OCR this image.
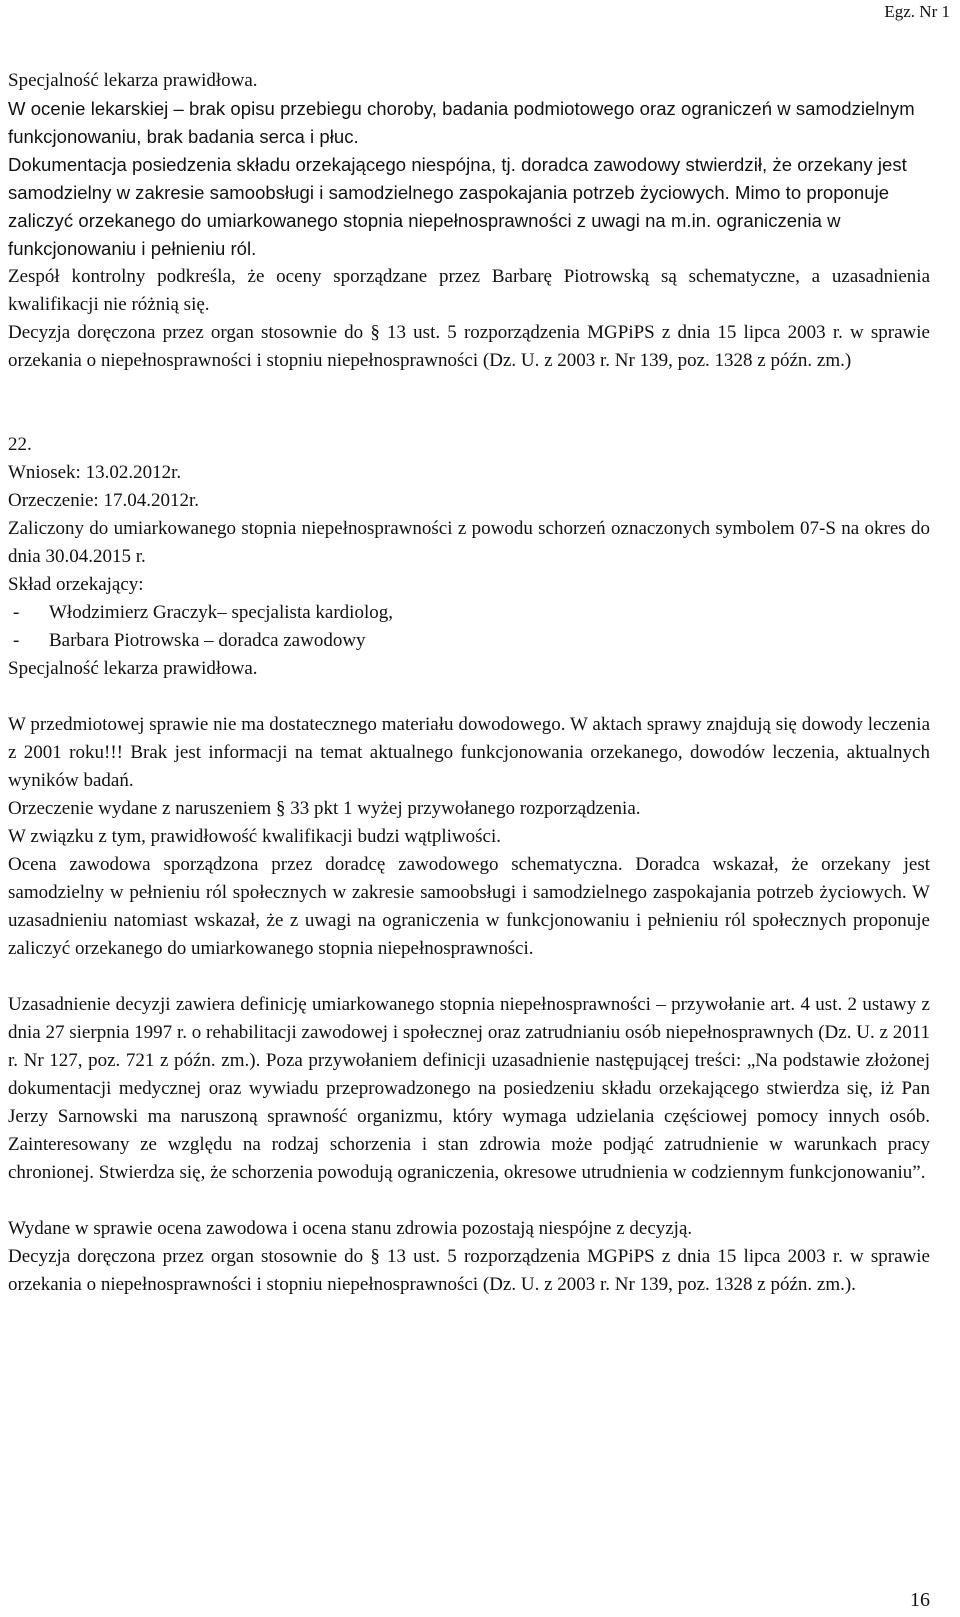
Egz. Nr 1

Specjalność lekarza prawidłowa.

W ocenie lekarskiej – brak opisu przebiegu choroby, badania podmiotowego oraz ograniczeń w samodzielnym funkcjonowaniu, brak badania serca i płuc.

Dokumentacja posiedzenia składu orzekającego niespójna, tj. doradca zawodowy stwierdził, że orzekany jest samodzielny w zakresie samoobsługi i samodzielnego zaspokajania potrzeb życiowych. Mimo to proponuje zaliczyć orzekanego do umiarkowanego stopnia niepełnosprawności z uwagi na m.in. ograniczenia w funkcjonowaniu i pełnieniu ról.

Zespół kontrolny podkreśla, że oceny sporządzane przez Barbarę Piotrowską są schematyczne, a uzasadnienia kwalifikacji nie różnią się.

Decyzja doręczona przez organ stosownie do § 13 ust. 5 rozporządzenia MGPiPS z dnia 15 lipca 2003 r. w sprawie orzekania o niepełnosprawności i stopniu niepełnosprawności (Dz. U. z 2003 r. Nr 139, poz. 1328 z późn. zm.)

22.

Wniosek: 13.02.2012r.

Orzeczenie: 17.04.2012r.

Zaliczony do umiarkowanego stopnia niepełnosprawności z powodu schorzeń oznaczonych symbolem 07-S na okres do dnia 30.04.2015 r.

Skład orzekający:

- Włodzimierz Graczyk– specjalista kardiolog,

- Barbara Piotrowska – doradca zawodowy

Specjalność lekarza prawidłowa.

W przedmiotowej sprawie nie ma dostatecznego materiału dowodowego. W aktach sprawy znajdują się dowody leczenia z 2001 roku!!! Brak jest informacji na temat aktualnego funkcjonowania orzekanego, dowodów leczenia, aktualnych wyników badań.

Orzeczenie wydane z naruszeniem § 33 pkt 1 wyżej przywołanego rozporządzenia.

W związku z tym, prawidłowość kwalifikacji budzi wątpliwości.

Ocena zawodowa sporządzona przez doradcę zawodowego schematyczna. Doradca wskazał, że orzekany jest samodzielny w pełnieniu ról społecznych w zakresie samoobsługi i samodzielnego zaspokajania potrzeb życiowych. W uzasadnieniu natomiast wskazał, że z uwagi na ograniczenia w funkcjonowaniu i pełnieniu ról społecznych proponuje zaliczyć orzekanego do umiarkowanego stopnia niepełnosprawności.

Uzasadnienie decyzji zawiera definicję umiarkowanego stopnia niepełnosprawności – przywołanie art. 4 ust. 2 ustawy z dnia 27 sierpnia 1997 r. o rehabilitacji zawodowej i społecznej oraz zatrudnianiu osób niepełnosprawnych (Dz. U. z 2011 r. Nr 127, poz. 721 z późn. zm.). Poza przywołaniem definicji uzasadnienie następującej treści: „Na podstawie złożonej dokumentacji medycznej oraz wywiadu przeprowadzonego na posiedzeniu składu orzekającego stwierdza się, iż Pan Jerzy Sarnowski ma naruszoną sprawność organizmu, który wymaga udzielania częściowej pomocy innych osób. Zainteresowany ze względu na rodzaj schorzenia i stan zdrowia może podjąć zatrudnienie w warunkach pracy chronionej. Stwierdza się, że schorzenia powodują ograniczenia, okresowe utrudnienia w codziennym funkcjonowaniu”.

Wydane w sprawie ocena zawodowa i ocena stanu zdrowia pozostają niespójne z decyzją.

Decyzja doręczona przez organ stosownie do § 13 ust. 5 rozporządzenia MGPiPS z dnia 15 lipca 2003 r. w sprawie orzekania o niepełnosprawności i stopniu niepełnosprawności (Dz. U. z 2003 r. Nr 139, poz. 1328 z późn. zm.).

16
